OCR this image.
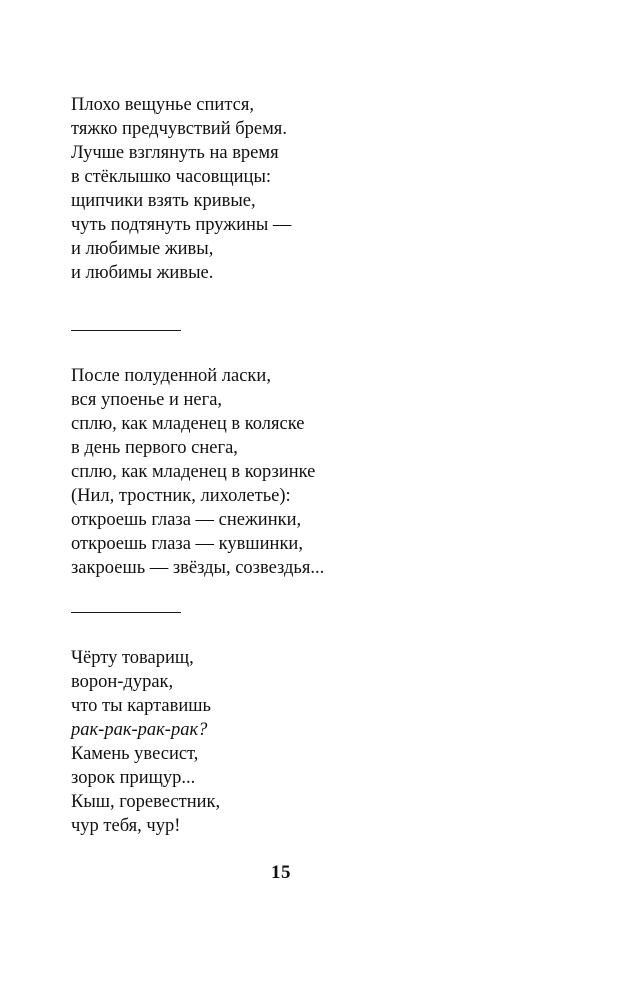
Плохо вещунье спится,
тяжко предчувствий бремя.
Лучше взглянуть на время
в стёклышко часовщицы:
щипчики взять кривые,
чуть подтянуть пружины —
и любимые живы,
и любимы живые.
После полуденной ласки,
вся упоенье и нега,
сплю, как младенец в коляске
в день первого снега,
сплю, как младенец в корзинке
(Нил, тростник, лихолетье):
откроешь глаза — снежинки,
откроешь глаза — кувшинки,
закроешь — звёзды, созвездья...
Чёрту товарищ,
ворон-дурак,
что ты картавишь
рак-рак-рак-рак?
Камень увесист,
зорок прищур...
Кыш, горевестник,
чур тебя, чур!
15
